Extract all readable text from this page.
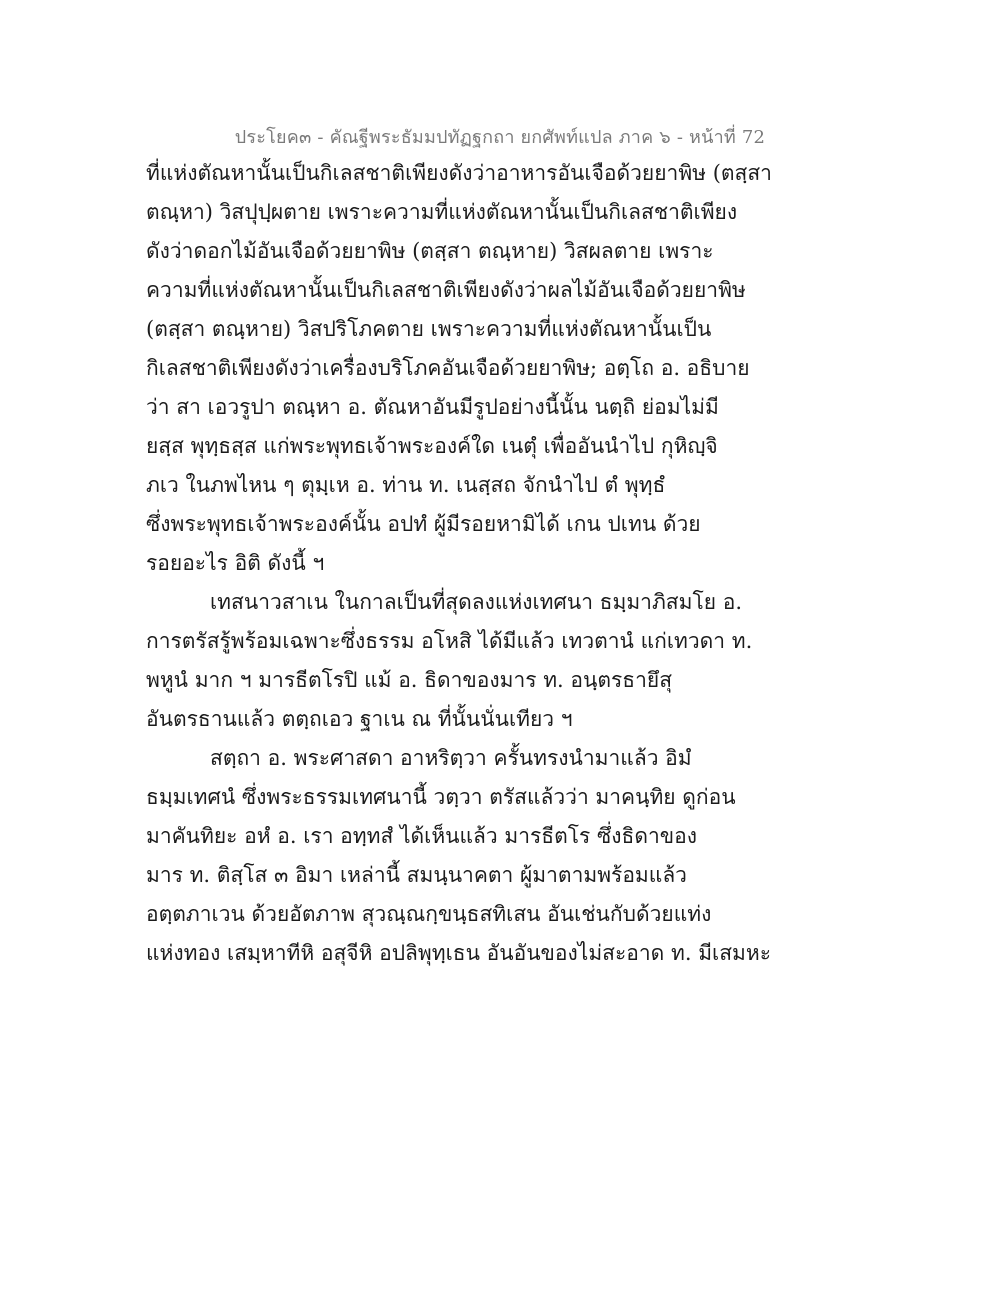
ประโยค๓ - คัณฐีพระธัมมปทัฏฐกถา ยกศัพท์แปล ภาค ๖ - หน้าที่ 72
ที่แห่งตัณหานั้นเป็นกิเลสชาติเพียงดังว่าอาหารอันเจือด้วยยาพิษ (ตสฺสา
ตณฺหา) วิสปุปฺผตาย เพราะความที่แห่งตัณหานั้นเป็นกิเลสชาติเพียง
ดังว่าดอกไม้อันเจือด้วยยาพิษ (ตสฺสา ตณฺหาย) วิสผลตาย เพราะ
ความที่แห่งตัณหานั้นเป็นกิเลสชาติเพียงดังว่าผลไม้อันเจือด้วยยาพิษ
(ตสฺสา ตณฺหาย) วิสปริโภคตาย เพราะความที่แห่งตัณหานั้นเป็น
กิเลสชาติเพียงดังว่าเครื่องบริโภคอันเจือด้วยยาพิษ; อตฺโถ อ. อธิบาย
ว่า สา เอวรูปา ตณฺหา อ. ตัณหาอันมีรูปอย่างนี้นั้น นตฺถิ ย่อมไม่มี
ยสฺส พุทฺธสฺส แก่พระพุทธเจ้าพระองค์ใด เนตุํ เพื่ออันนำไป กุหิญฺจิ
ภเว ในภพไหน ๆ ตุมฺเห อ. ท่าน ท. เนสฺสถ จักนำไป ตํ พุทฺธํ
ซึ่งพระพุทธเจ้าพระองค์นั้น อปทํ ผู้มีรอยหามิได้ เกน ปเทน ด้วย
รอยอะไร อิติ ดังนี้ ฯ
เทสนาวสาเน ในกาลเป็นที่สุดลงแห่งเทศนา ธมฺมาภิสมโย อ.
การตรัสรู้พร้อมเฉพาะซึ่งธรรม อโหสิ ได้มีแล้ว เทวตานํ แก่เทวดา ท.
พหูนํ มาก ฯ มารธีตโรปิ แม้ อ. ธิดาของมาร ท. อนฺตรธายึสุ
อันตรธานแล้ว ตตฺถเอว ฐาเน ณ ที่นั้นนั่นเทียว ฯ
สตฺถา อ. พระศาสดา อาหริตฺวา ครั้นทรงนำมาแล้ว อิมํ
ธมฺมเทศนํ ซึ่งพระธรรมเทศนานี้ วตฺวา ตรัสแล้วว่า มาคนฺทิย ดูก่อน
มาคันทิยะ อหํ อ. เรา อทฺทสํ ได้เห็นแล้ว มารธีตโร ซึ่งธิดาของ
มาร ท. ติสฺโส ๓ อิมา เหล่านี้ สมนฺนาคตา ผู้มาตามพร้อมแล้ว
อตฺตภาเวน ด้วยอัตภาพ สุวณฺณกฺขนฺธสทิเสน อันเช่นกับด้วยแท่ง
แห่งทอง เสมฺหาทีหิ อสุจีหิ อปลิพุทฺเธน อันอันของไม่สะอาด ท. มีเสมหะ
